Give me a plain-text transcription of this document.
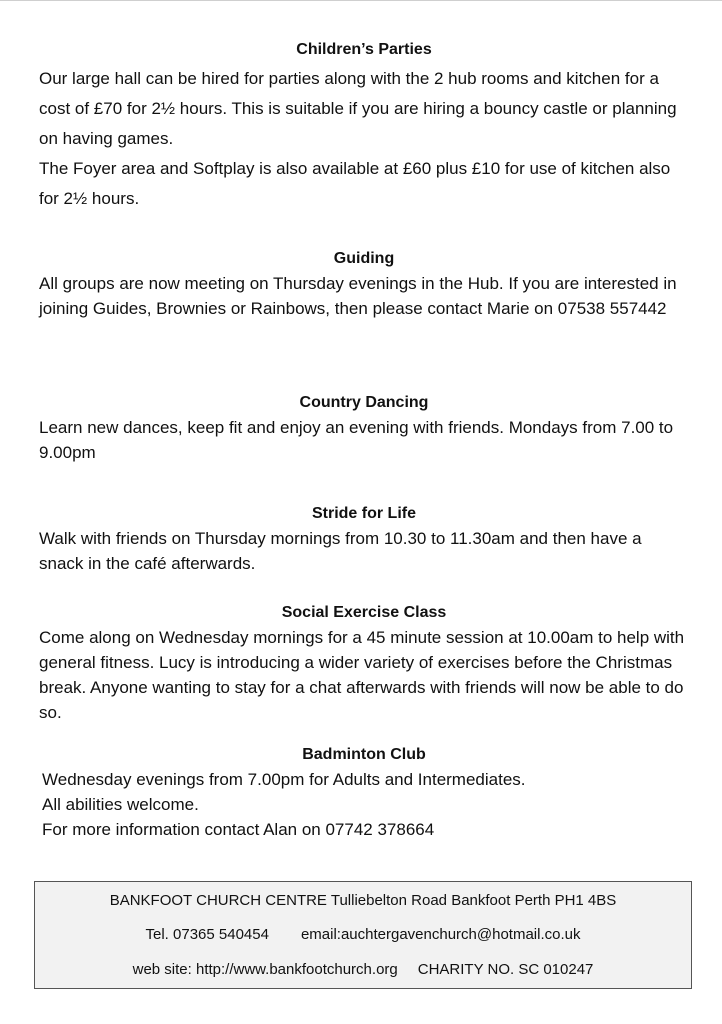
Children’s Parties

Our large hall can be hired for parties along with the 2 hub rooms and kitchen for a cost of £70 for 2½ hours. This is suitable if you are hiring a bouncy castle or planning on having games.

The Foyer area and Softplay is also available at £60 plus £10 for use of kitchen also for 2½ hours.

Guiding

All groups are now meeting on Thursday evenings in the Hub. If you are interested in joining Guides, Brownies or Rainbows, then please contact Marie on 07538 557442

Country Dancing

Learn new dances, keep fit and enjoy an evening with friends. Mondays from 7.00 to 9.00pm

Stride for Life

Walk with friends on Thursday mornings from 10.30 to 11.30am and then have a snack in the café afterwards.

Social Exercise Class

Come along on Wednesday mornings for a 45 minute session at 10.00am to help with general fitness. Lucy is introducing a wider variety of exercises before the Christmas break. Anyone wanting to stay for a chat afterwards with friends will now be able to do so.

Badminton Club

Wednesday evenings from 7.00pm for Adults and Intermediates.

All abilities welcome.

For more information contact Alan on 07742 378664

BANKFOOT CHURCH CENTRE Tulliebelton Road Bankfoot Perth PH1 4BS
Tel. 07365 540454 email:auchtergavenchurch@hotmail.co.uk
web site: http://www.bankfootchurch.org CHARITY NO. SC 010247
